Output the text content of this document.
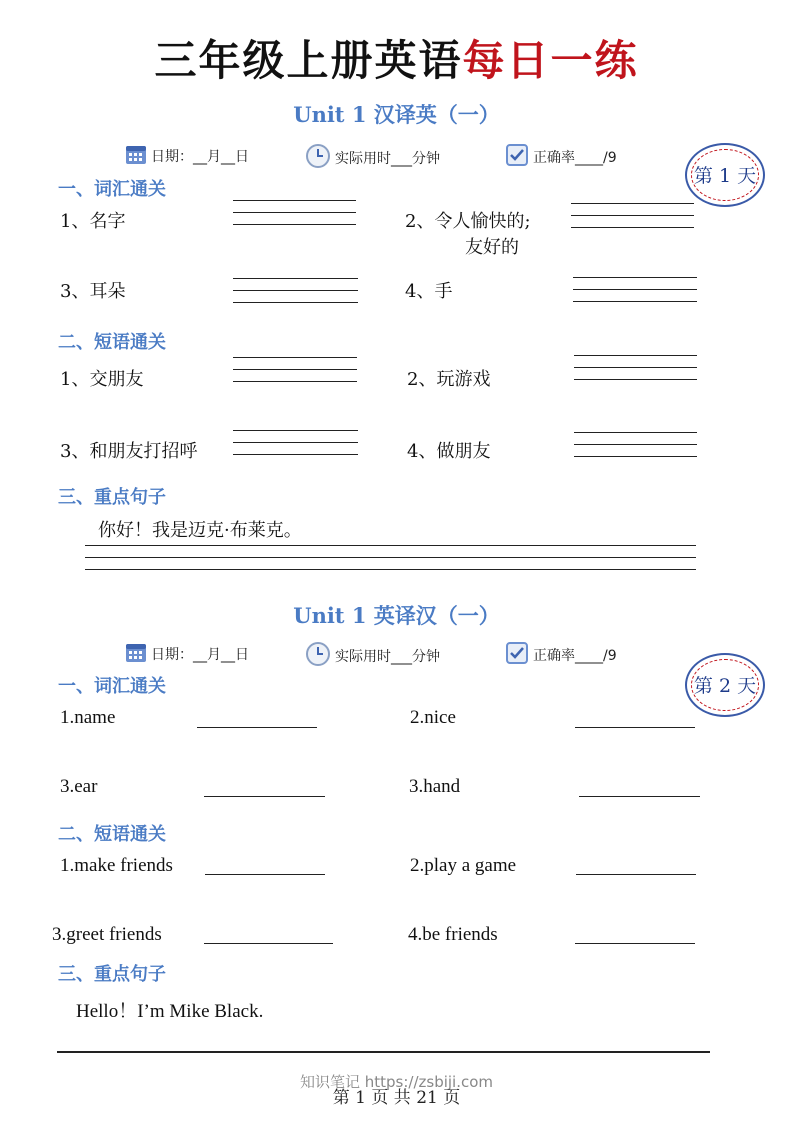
三年级上册英语每日一练
Unit 1 汉译英（一）
日期：__月__日	实际用时___分钟	正确率____/9
第 1 天
一、词汇通关
1、名字	2、令人愉快的;
友好的
3、耳朵	4、手
二、短语通关
1、交朋友	2、玩游戏
3、和朋友打招呼	4、做朋友
三、重点句子
你好！我是迈克·布莱克。
Unit 1 英译汉（一）
日期：__月__日	实际用时___分钟	正确率____/9
第 2 天
一、词汇通关
1.name	2.nice
3.ear	3.hand
二、短语通关
1.make friends	2.play a game
3.greet friends	4.be friends
三、重点句子
Hello！I’m Mike Black.
知识笔记 https://zsbiji.com
第 1 页 共 21 页
